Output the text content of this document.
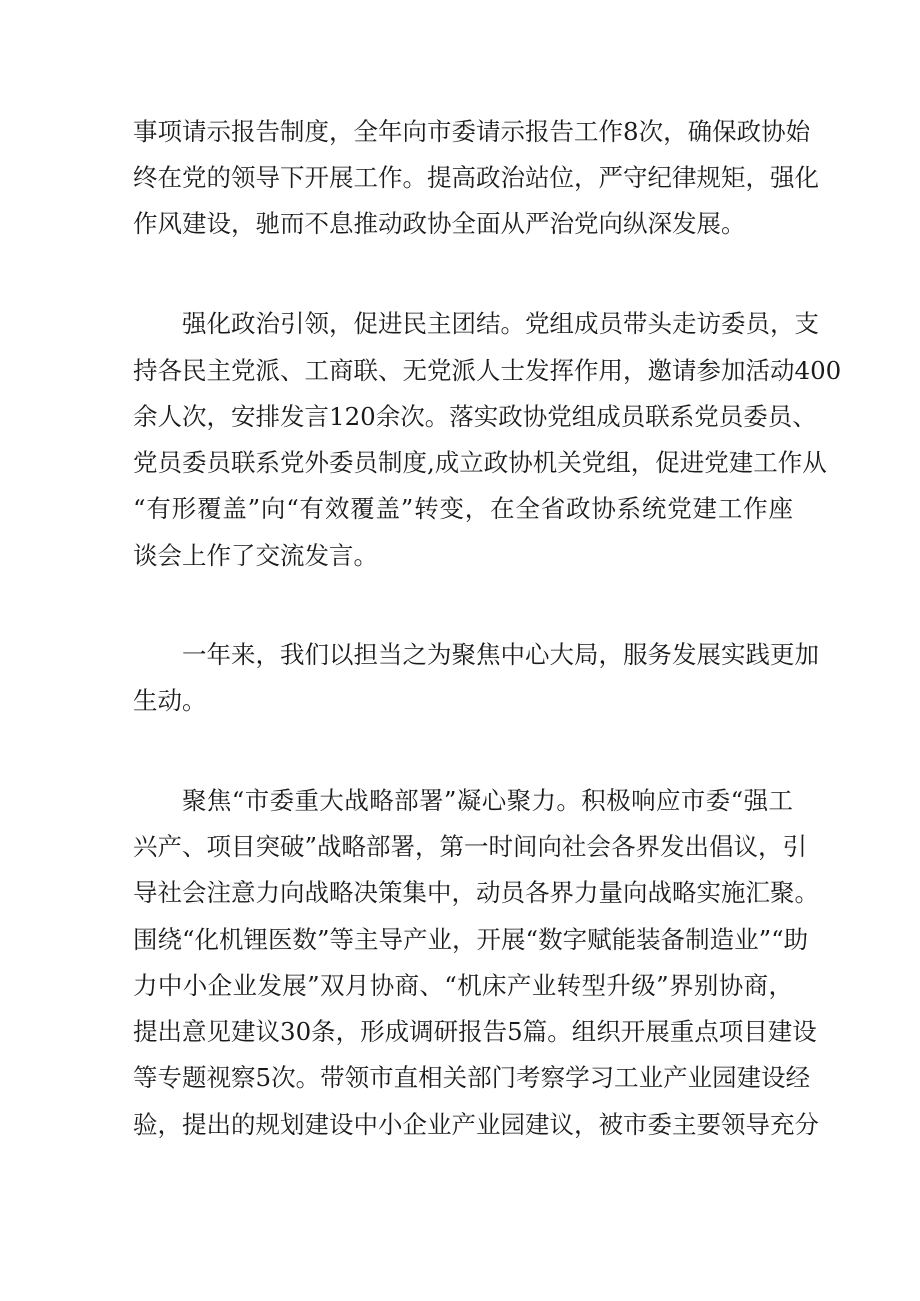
事项请示报告制度，全年向市委请示报告工作8次，确保政协始
终在党的领导下开展工作。提高政治站位，严守纪律规矩，强化
作风建设，驰而不息推动政协全面从严治党向纵深发展。
强化政治引领，促进民主团结。党组成员带头走访委员，支
持各民主党派、工商联、无党派人士发挥作用，邀请参加活动400
余人次，安排发言120余次。落实政协党组成员联系党员委员、
党员委员联系党外委员制度,成立政协机关党组，促进党建工作从
“有形覆盖”向“有效覆盖”转变，在全省政协系统党建工作座
谈会上作了交流发言。
一年来，我们以担当之为聚焦中心大局，服务发展实践更加
生动。
聚焦“市委重大战略部署”凝心聚力。积极响应市委“强工
兴产、项目突破”战略部署，第一时间向社会各界发出倡议，引
导社会注意力向战略决策集中，动员各界力量向战略实施汇聚。
围绕“化机锂医数”等主导产业，开展“数字赋能装备制造业”“助
力中小企业发展”双月协商、“机床产业转型升级”界别协商，
提出意见建议30条，形成调研报告5篇。组织开展重点项目建设
等专题视察5次。带领市直相关部门考察学习工业产业园建设经
验，提出的规划建设中小企业产业园建议，被市委主要领导充分
